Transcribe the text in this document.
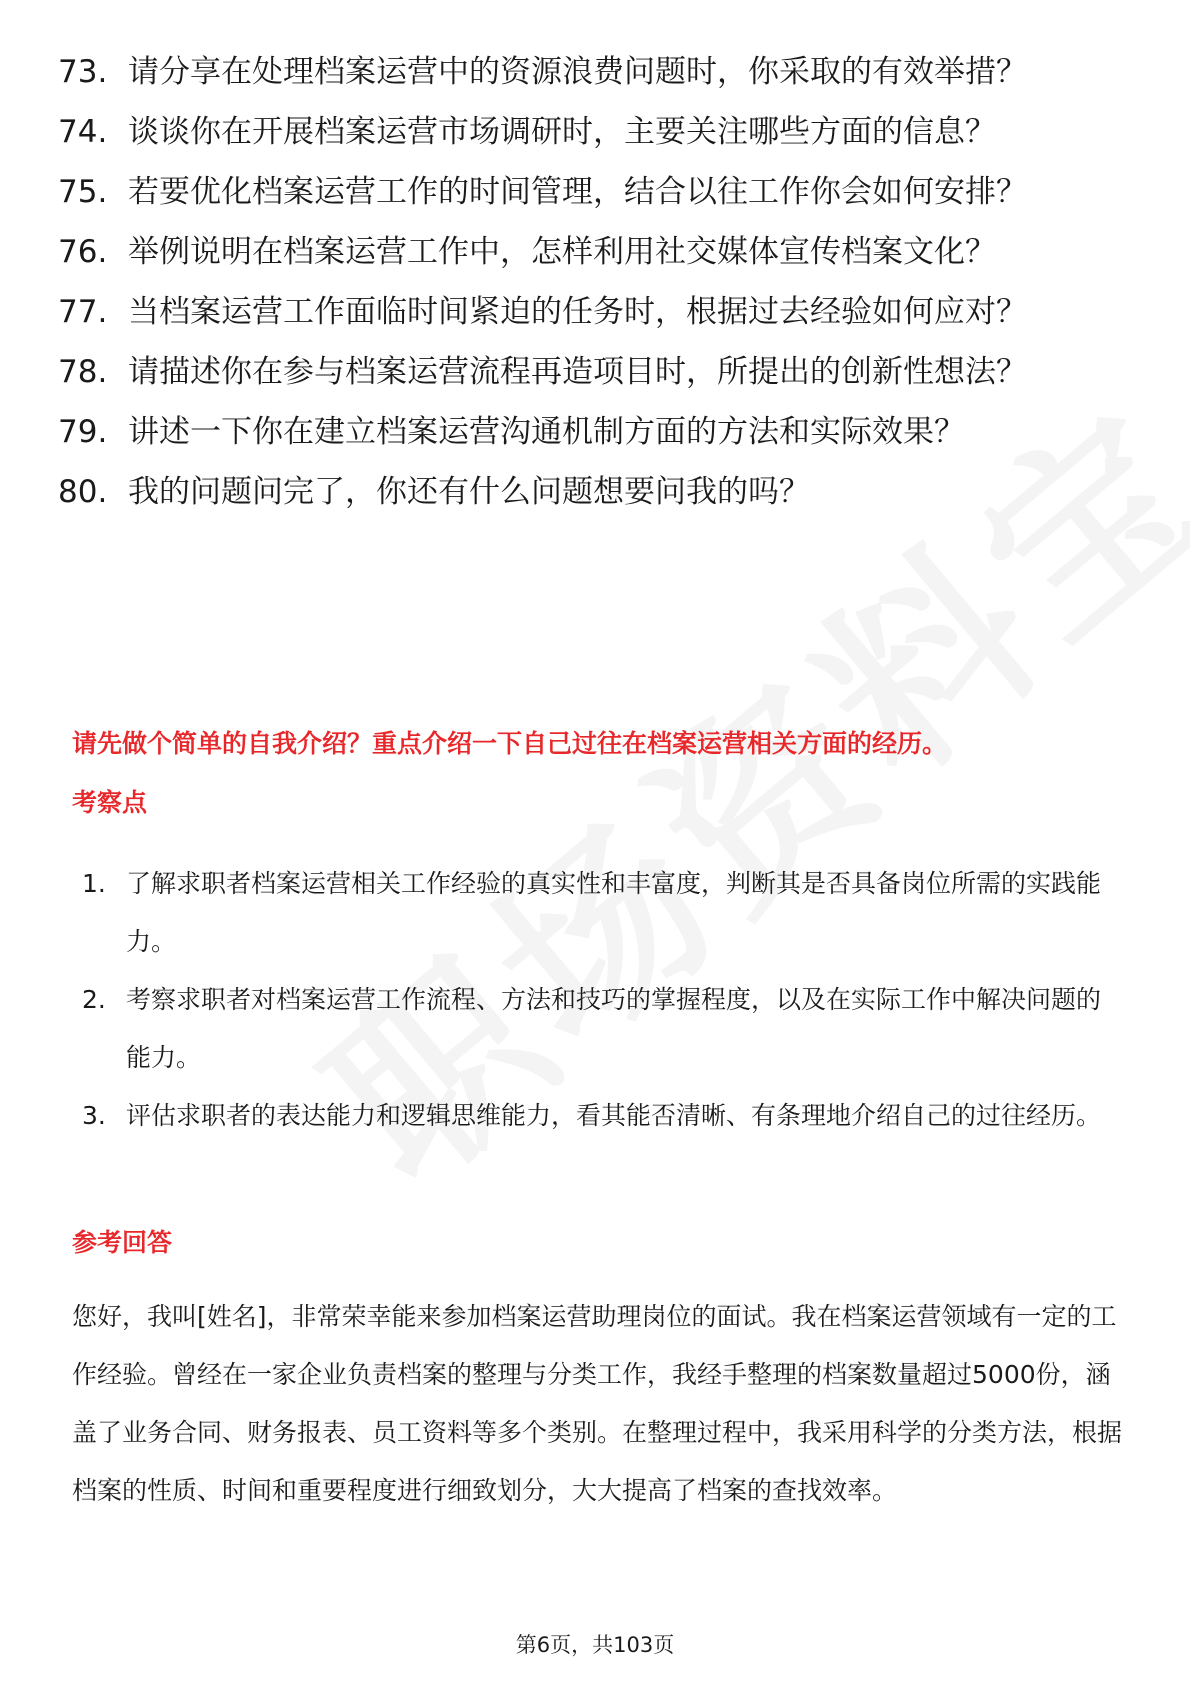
73. 请分享在处理档案运营中的资源浪费问题时，你采取的有效举措？
74. 谈谈你在开展档案运营市场调研时，主要关注哪些方面的信息？
75. 若要优化档案运营工作的时间管理，结合以往工作你会如何安排？
76. 举例说明在档案运营工作中，怎样利用社交媒体宣传档案文化？
77. 当档案运营工作面临时间紧迫的任务时，根据过去经验如何应对？
78. 请描述你在参与档案运营流程再造项目时，所提出的创新性想法？
79. 讲述一下你在建立档案运营沟通机制方面的方法和实际效果？
80. 我的问题问完了，你还有什么问题想要问我的吗？
请先做个简单的自我介绍？重点介绍一下自己过往在档案运营相关方面的经历。
考察点
1. 了解求职者档案运营相关工作经验的真实性和丰富度，判断其是否具备岗位所需的实践能力。
2. 考察求职者对档案运营工作流程、方法和技巧的掌握程度，以及在实际工作中解决问题的能力。
3. 评估求职者的表达能力和逻辑思维能力，看其能否清晰、有条理地介绍自己的过往经历。
参考回答

您好，我叫[姓名]，非常荣幸能来参加档案运营助理岗位的面试。我在档案运营领域有一定的工作经验。曾经在一家企业负责档案的整理与分类工作，我经手整理的档案数量超过5000份，涵盖了业务合同、财务报表、员工资料等多个类别。在整理过程中，我采用科学的分类方法，根据档案的性质、时间和重要程度进行细致划分，大大提高了档案的查找效率。

第6页，共103页
